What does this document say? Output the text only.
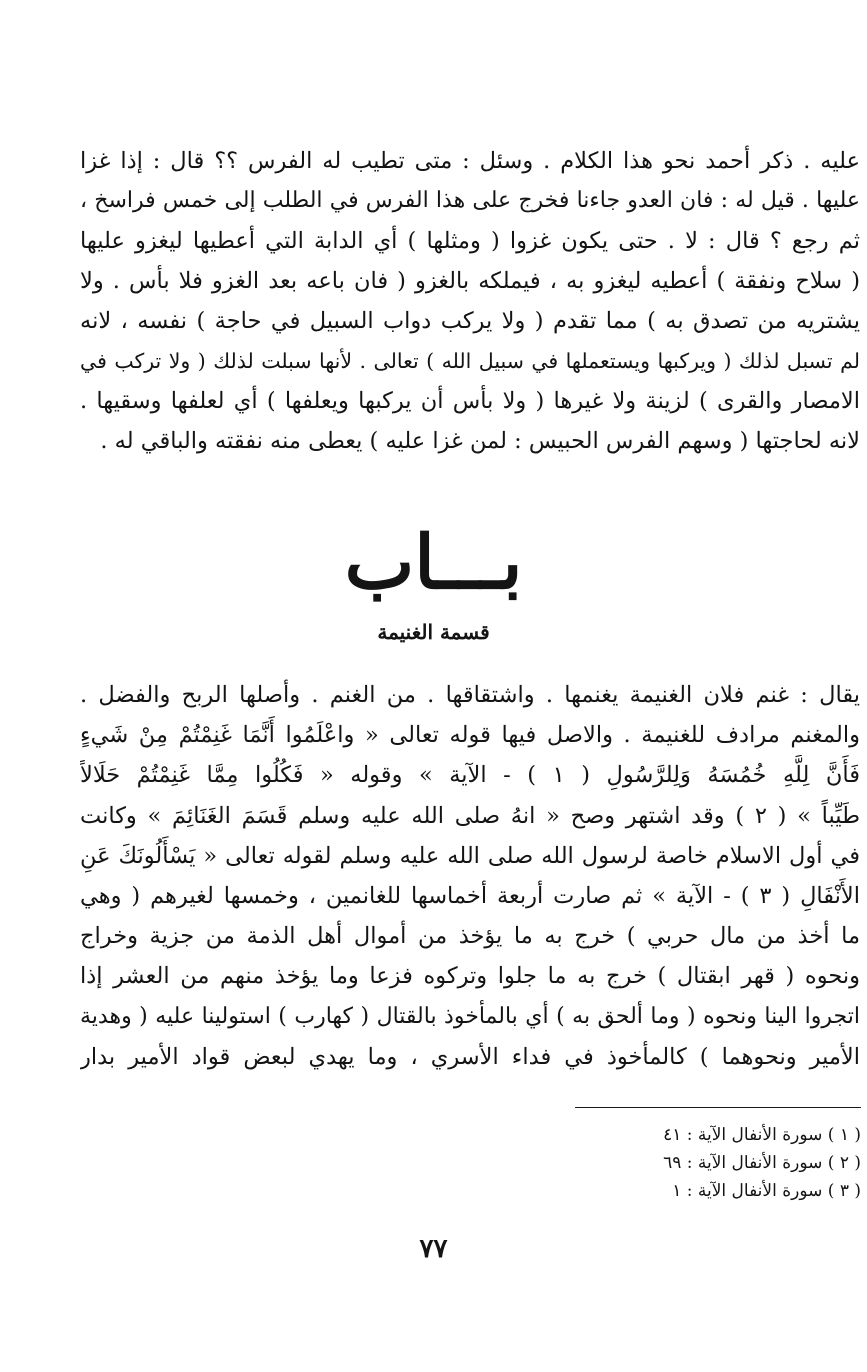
عليه . ذكر أحمد نحو هذا الكلام . وسئل : متى تطيب له الفرس ؟؟ قال : إذا غزا
عليها . قيل له : فان العدو جاءنا فخرج على هذا الفرس في الطلب إلى خمس فراسخ ،
ثم رجع ؟ قال : لا . حتى يكون غزوا ( ومثلها ) أي الدابة التي أعطيها ليغزو عليها
( سلاح ونفقة ) أعطيه ليغزو به ، فيملكه بالغزو ( فان باعه بعد الغزو فلا بأس . ولا
يشتريه من تصدق به ) مما تقدم ( ولا يركب دواب السبيل في حاجة ) نفسه ، لانه
لم تسبل لذلك ( ويركبها ويستعملها في سبيل الله ) تعالى . لأنها سبلت لذلك ( ولا تركب في
الامصار والقرى ) لزينة ولا غيرها ( ولا بأس أن يركبها ويعلفها ) أي لعلفها وسقيها .
لانه لحاجتها ( وسهم الفرس الحبيس : لمن غزا عليه ) يعطى منه نفقته والباقي له .
بـــاب
قسمة الغنيمة
يقال : غنم فلان الغنيمة يغنمها . واشتقاقها . من الغنم . وأصلها الربح والفضل .
والمغنم مرادف للغنيمة . والاصل فيها قوله تعالى « واعْلَمُوا أَنَّمَا غَنِمْتُمْ مِنْ شَيءٍ
فَأَنَّ لِلَّهِ خُمُسَهُ وَلِلرَّسُولِ ( ١ ) - الآية » وقوله « فَكُلُوا مِمَّا غَنِمْتُمْ حَلَالاً
طَيِّباً » ( ٢ ) وقد اشتهر وصح « انهُ صلى الله عليه وسلم قَسَمَ الغَنَائِمَ » وكانت
في أول الاسلام خاصة لرسول الله صلى الله عليه وسلم لقوله تعالى « يَسْأَلُونَكَ عَنِ
الأَنْفَالِ ( ٣ ) - الآية » ثم صارت أربعة أخماسها للغانمين ، وخمسها لغيرهم ( وهي
ما أخذ من مال حربي ) خرج به ما يؤخذ من أموال أهل الذمة من جزية وخراج
ونحوه ( قهر ابقتال ) خرج به ما جلوا وتركوه فزعا وما يؤخذ منهم من العشر إذا
اتجروا الينا ونحوه ( وما ألحق به ) أي بالمأخوذ بالقتال ( كهارب ) استولينا عليه ( وهدية
الأمير ونحوهما ) كالمأخوذ في فداء الأسري ، وما يهدي لبعض قواد الأمير بدار
( ١ ) سورة الأنفال الآية : ٤١
( ٢ ) سورة الأنفال الآية : ٦٩
( ٣ ) سورة الأنفال الآية : ١
٧٧
